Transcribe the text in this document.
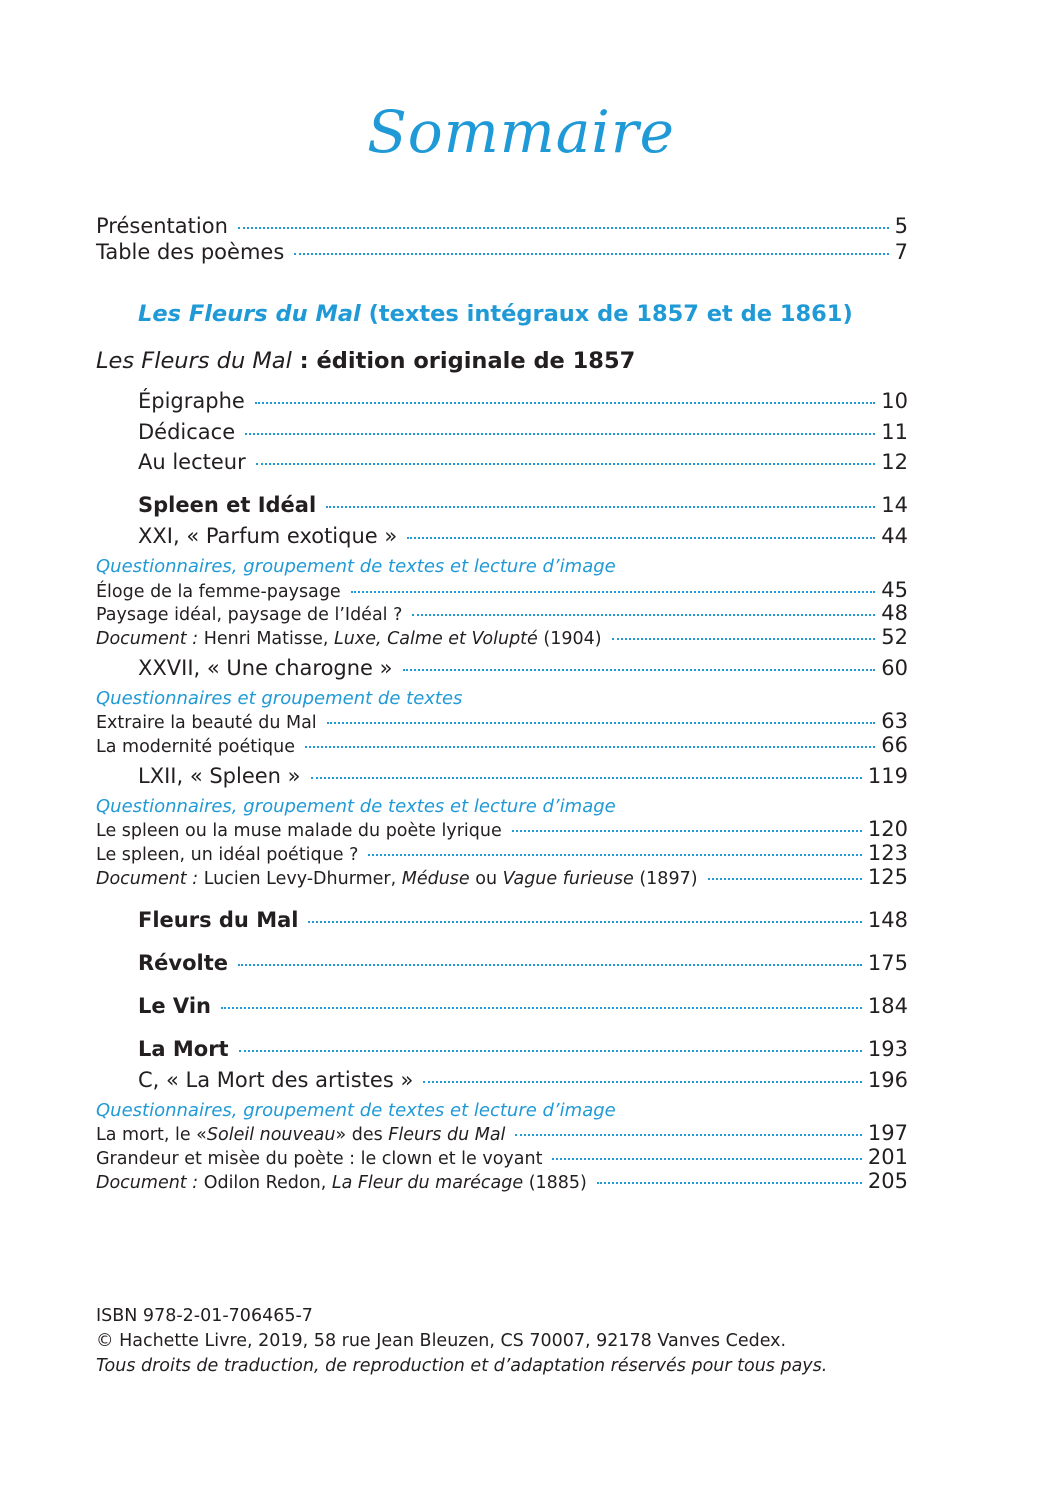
Sommaire
Présentation	5
Table des poèmes	7
Les Fleurs du Mal (textes intégraux de 1857 et de 1861)
Les Fleurs du Mal : édition originale de 1857
Épigraphe	10
Dédicace	11
Au lecteur	12
Spleen et Idéal	14
XXI, « Parfum exotique »	44
Questionnaires, groupement de textes et lecture d’image
Éloge de la femme-paysage	45
Paysage idéal, paysage de l’Idéal ?	48
Document : Henri Matisse, Luxe, Calme et Volupté (1904)	52
XXVII, « Une charogne »	60
Questionnaires et groupement de textes
Extraire la beauté du Mal	63
La modernité poétique	66
LXII, « Spleen »	119
Questionnaires, groupement de textes et lecture d’image
Le spleen ou la muse malade du poète lyrique	120
Le spleen, un idéal poétique ?	123
Document : Lucien Levy-Dhurmer, Méduse ou Vague furieuse (1897)	125
Fleurs du Mal	148
Révolte	175
Le Vin	184
La Mort	193
C, « La Mort des artistes »	196
Questionnaires, groupement de textes et lecture d’image
La mort, le «Soleil nouveau» des Fleurs du Mal	197
Grandeur et misèe du poète : le clown et le voyant	201
Document : Odilon Redon, La Fleur du marécage (1885)	205
ISBN 978-2-01-706465-7
© Hachette Livre, 2019, 58 rue Jean Bleuzen, CS 70007, 92178 Vanves Cedex.
Tous droits de traduction, de reproduction et d’adaptation réservés pour tous pays.
